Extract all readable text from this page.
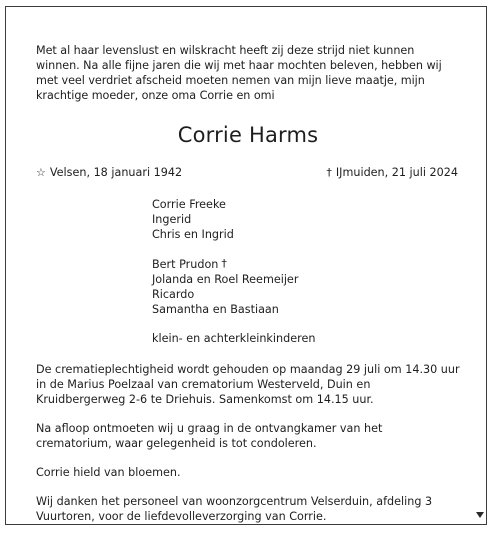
Met al haar levenslust en wilskracht heeft zij deze strijd niet kunnen winnen. Na alle fijne jaren die wij met haar mochten beleven, hebben wij met veel verdriet afscheid moeten nemen van mijn lieve maatje, mijn krachtige moeder, onze oma Corrie en omi

Corrie Harms
☆ Velsen, 18 januari 1942	† IJmuiden, 21 juli 2024
Corrie Freeke
Ingerid
Chris en Ingrid
Bert Prudon †
Jolanda en Roel Reemeijer
Ricardo
Samantha en Bastiaan
klein- en achterkleinkinderen

De crematieplechtigheid wordt gehouden op maandag 29 juli om 14.30 uur in de Marius Poelzaal van crematorium Westerveld, Duin en Kruidbergerweg 2-6 te Driehuis. Samenkomst om 14.15 uur.

Na afloop ontmoeten wij u graag in de ontvangkamer van het crematorium, waar gelegenheid is tot condoleren.

Corrie hield van bloemen.

Wij danken het personeel van woonzorgcentrum Velserduin, afdeling 3 Vuurtoren, voor de liefdevolleverzorging van Corrie.
